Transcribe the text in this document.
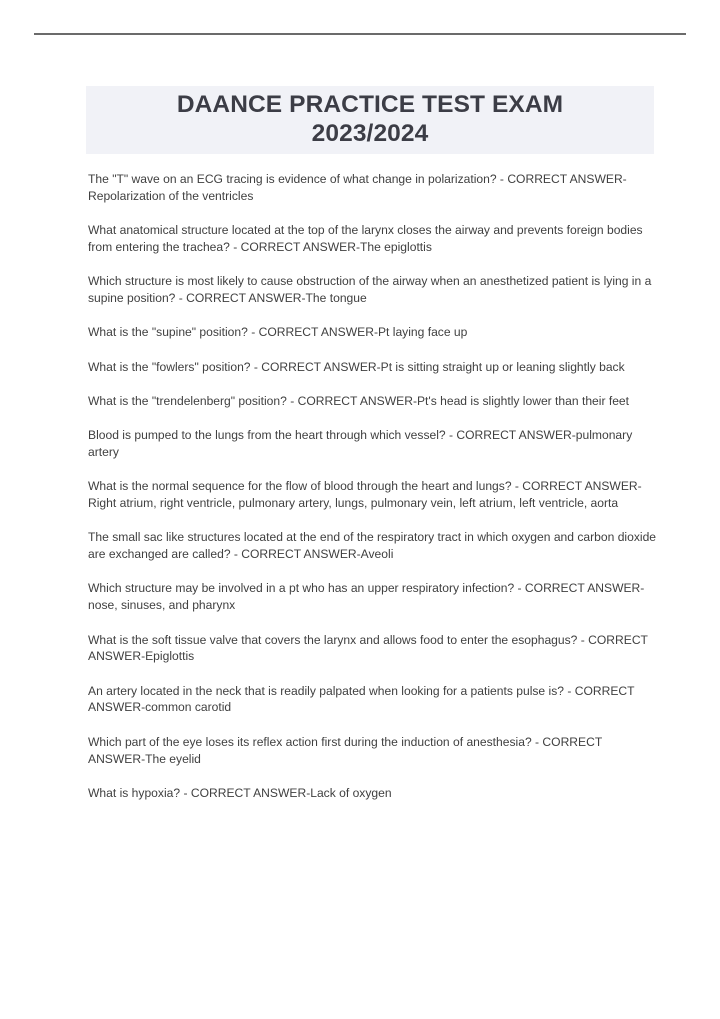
DAANCE PRACTICE TEST EXAM
2023/2024

The "T" wave on an ECG tracing is evidence of what change in polarization? - CORRECT ANSWER-Repolarization of the ventricles

What anatomical structure located at the top of the larynx closes the airway and prevents foreign bodies from entering the trachea? - CORRECT ANSWER-The epiglottis

Which structure is most likely to cause obstruction of the airway when an anesthetized patient is lying in a supine position? - CORRECT ANSWER-The tongue

What is the "supine" position? - CORRECT ANSWER-Pt laying face up

What is the "fowlers" position? - CORRECT ANSWER-Pt is sitting straight up or leaning slightly back

What is the "trendelenberg" position? - CORRECT ANSWER-Pt's head is slightly lower than their feet

Blood is pumped to the lungs from the heart through which vessel? - CORRECT ANSWER-pulmonary artery

What is the normal sequence for the flow of blood through the heart and lungs? - CORRECT ANSWER-Right atrium, right ventricle, pulmonary artery, lungs, pulmonary vein, left atrium, left ventricle, aorta

The small sac like structures located at the end of the respiratory tract in which oxygen and carbon dioxide are exchanged are called? - CORRECT ANSWER-Aveoli

Which structure may be involved in a pt who has an upper respiratory infection? - CORRECT ANSWER-nose, sinuses, and pharynx

What is the soft tissue valve that covers the larynx and allows food to enter the esophagus? - CORRECT ANSWER-Epiglottis

An artery located in the neck that is readily palpated when looking for a patients pulse is? - CORRECT ANSWER-common carotid

Which part of the eye loses its reflex action first during the induction of anesthesia? - CORRECT ANSWER-The eyelid

What is hypoxia? - CORRECT ANSWER-Lack of oxygen
